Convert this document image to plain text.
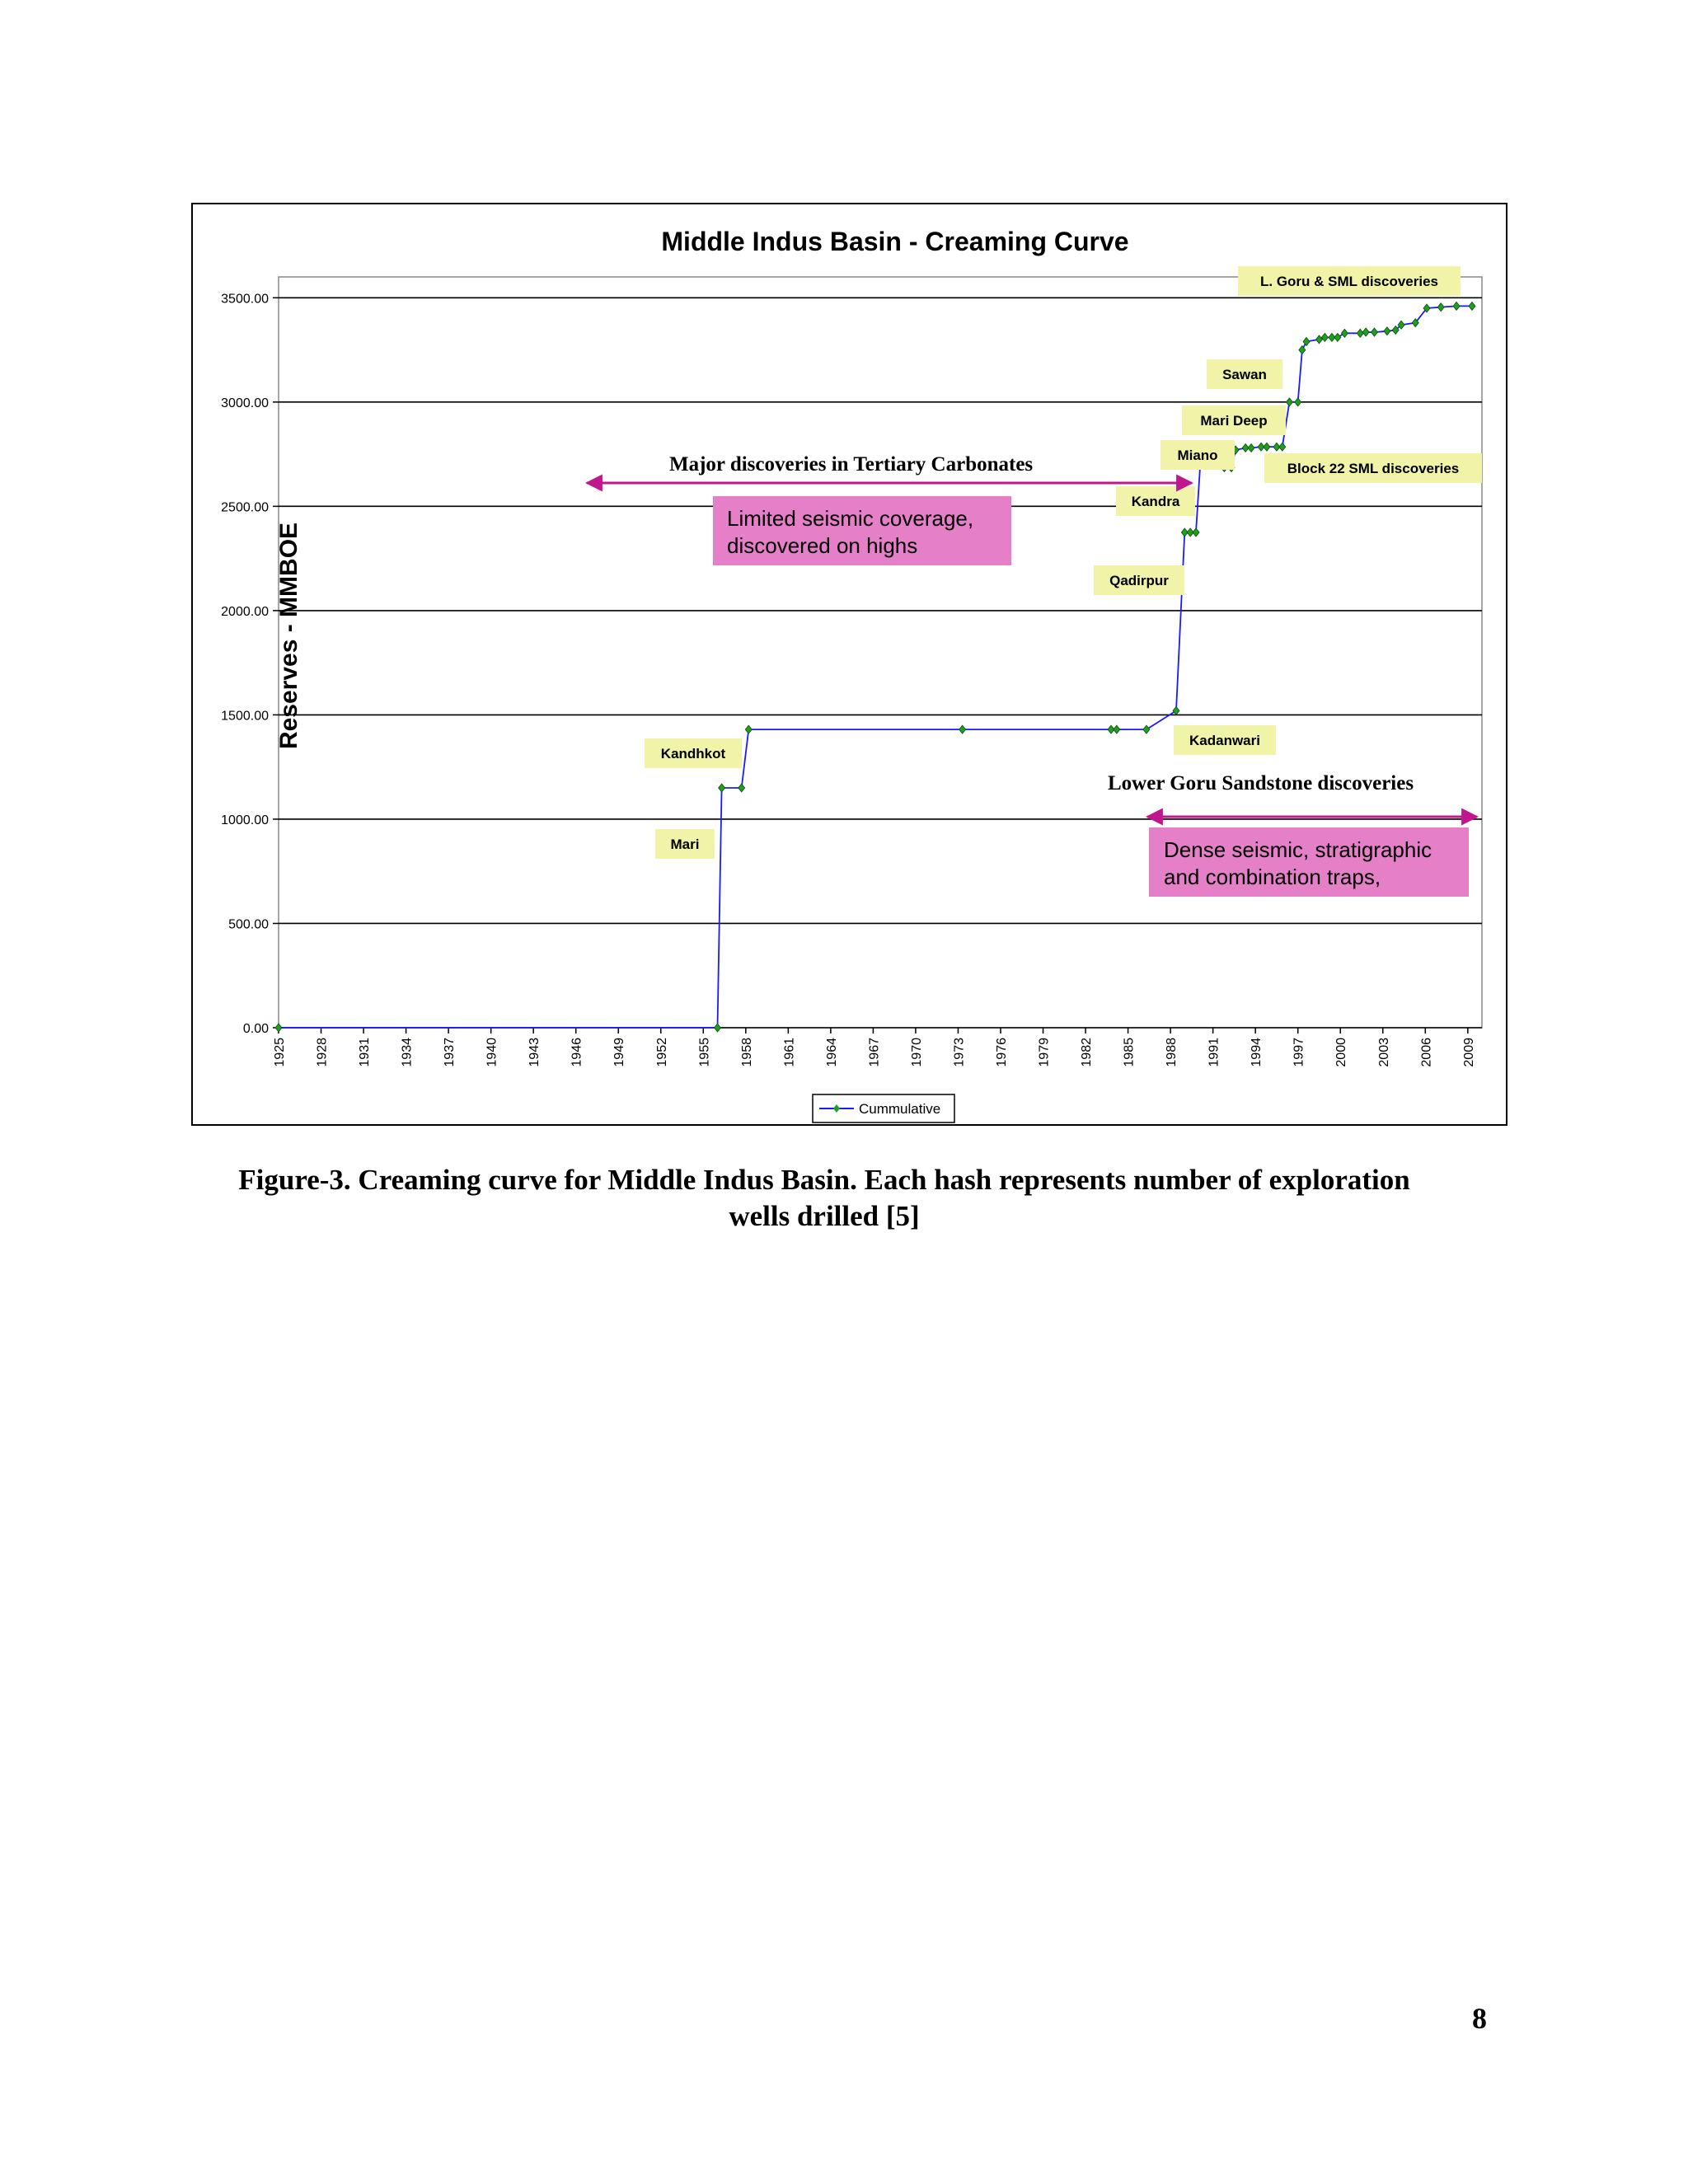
Middle Indus Basin - Creaming Curve
0.00
500.00
1000.00
1500.00
2000.00
2500.00
3000.00
3500.00
1925 1928 1931 1934 1937 1940 1943 1946 1949 1952 1955 1958 1961 1964 1967 1970 1973 1976 1979 1982 1985 1988 1991 1994 1997 2000 2003 2006 2009
Reserves - MMBOE
L. Goru & SML discoveries
Sawan
Mari Deep
Miano
Block 22 SML discoveries
Kandra
Qadirpur
Kadanwari
Kandhkot
Mari
Major discoveries in Tertiary Carbonates
Limited seismic coverage,
discovered on highs
Lower Goru Sandstone discoveries
Dense seismic, stratigraphic
and combination traps,
Cummulative
Figure-3. Creaming curve for Middle Indus Basin. Each hash represents number of exploration
wells drilled [5]
8
